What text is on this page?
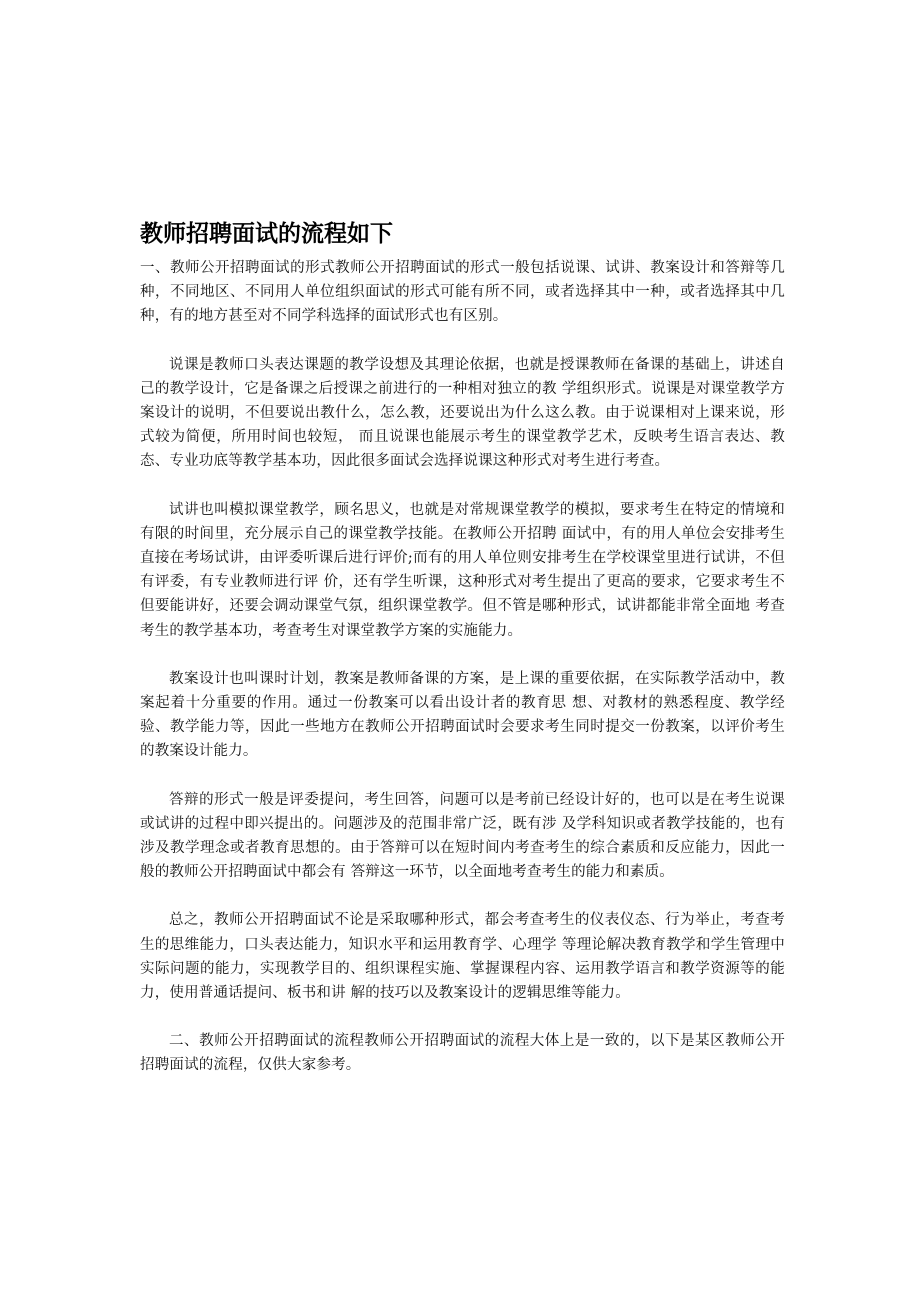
教师招聘面试的流程如下

一、教师公开招聘面试的形式教师公开招聘面试的形式一般包括说课、试讲、教案设计和答辩等几种，不同地区、不同用人单位组织面试的形式可能有所不同，或者选择其中一种，或者选择其中几种，有的地方甚至对不同学科选择的面试形式也有区别。

说课是教师口头表达课题的教学设想及其理论依据，也就是授课教师在备课的基础上，讲述自己的教学设计，它是备课之后授课之前进行的一种相对独立的教 学组织形式。说课是对课堂教学方案设计的说明，不但要说出教什么，怎么教，还要说出为什么这么教。由于说课相对上课来说，形式较为简便，所用时间也较短， 而且说课也能展示考生的课堂教学艺术，反映考生语言表达、教态、专业功底等教学基本功，因此很多面试会选择说课这种形式对考生进行考查。

试讲也叫模拟课堂教学，顾名思义，也就是对常规课堂教学的模拟，要求考生在特定的情境和有限的时间里，充分展示自己的课堂教学技能。在教师公开招聘 面试中，有的用人单位会安排考生直接在考场试讲，由评委听课后进行评价;而有的用人单位则安排考生在学校课堂里进行试讲，不但有评委，有专业教师进行评 价，还有学生听课，这种形式对考生提出了更高的要求，它要求考生不但要能讲好，还要会调动课堂气氛，组织课堂教学。但不管是哪种形式，试讲都能非常全面地 考查考生的教学基本功，考查考生对课堂教学方案的实施能力。

教案设计也叫课时计划，教案是教师备课的方案，是上课的重要依据，在实际教学活动中，教案起着十分重要的作用。通过一份教案可以看出设计者的教育思 想、对教材的熟悉程度、教学经验、教学能力等，因此一些地方在教师公开招聘面试时会要求考生同时提交一份教案，以评价考生的教案设计能力。

答辩的形式一般是评委提问，考生回答，问题可以是考前已经设计好的，也可以是在考生说课或试讲的过程中即兴提出的。问题涉及的范围非常广泛，既有涉 及学科知识或者教学技能的，也有涉及教学理念或者教育思想的。由于答辩可以在短时间内考查考生的综合素质和反应能力，因此一般的教师公开招聘面试中都会有 答辩这一环节，以全面地考查考生的能力和素质。

总之，教师公开招聘面试不论是采取哪种形式，都会考查考生的仪表仪态、行为举止，考查考生的思维能力，口头表达能力，知识水平和运用教育学、心理学 等理论解决教育教学和学生管理中实际问题的能力，实现教学目的、组织课程实施、掌握课程内容、运用教学语言和教学资源等的能力，使用普通话提问、板书和讲 解的技巧以及教案设计的逻辑思维等能力。

二、教师公开招聘面试的流程教师公开招聘面试的流程大体上是一致的，以下是某区教师公开招聘面试的流程，仅供大家参考。
